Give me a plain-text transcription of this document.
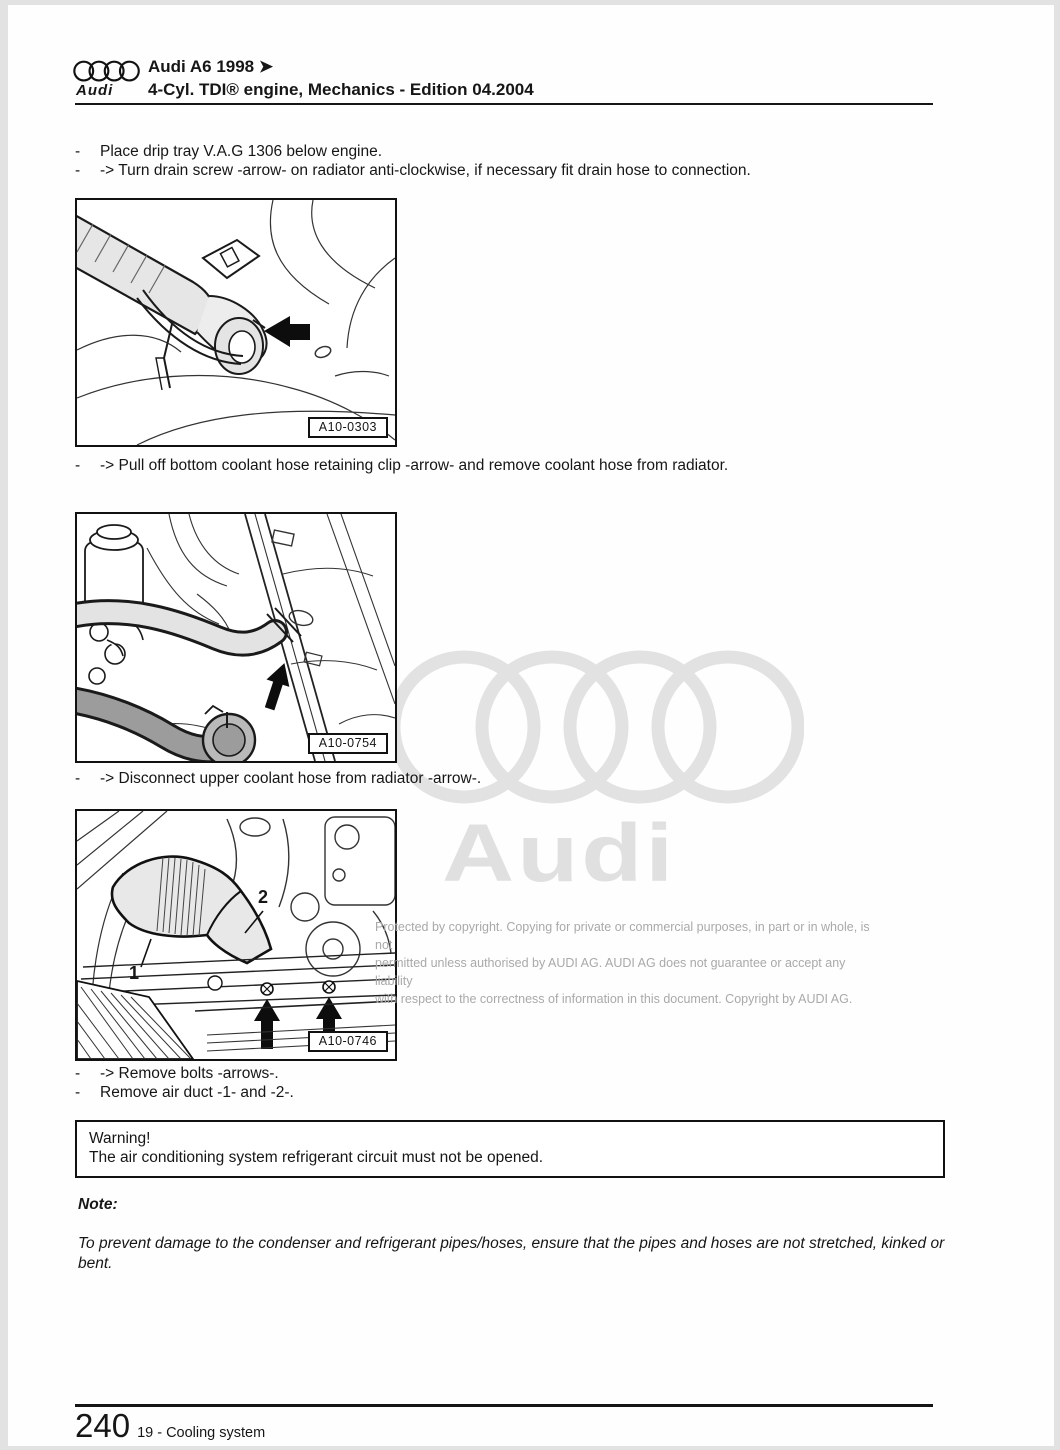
Audi
Protected by copyright. Copying for private or commercial purposes, in part or in whole, is not
permitted unless authorised by AUDI AG. AUDI AG does not guarantee or accept any liability
with respect to the correctness of information in this document. Copyright by AUDI AG.
Audi
Audi A6 1998 ➤
4-Cyl. TDI® engine, Mechanics - Edition 04.2004
-	Place drip tray V.A.G 1306 below engine.
-	-> Turn drain screw -arrow- on radiator anti-clockwise, if necessary fit drain hose to connection.
A10-0303
-	-> Pull off bottom coolant hose retaining clip -arrow- and remove coolant hose from radiator.
A10-0754
-	-> Disconnect upper coolant hose from radiator -arrow-.
2
1
A10-0746
-	-> Remove bolts -arrows-.
-	Remove air duct -1- and -2-.
Warning!
The air conditioning system refrigerant circuit must not be opened.
Note:
To prevent damage to the condenser and refrigerant pipes/hoses, ensure that the pipes and hoses are not stretched, kinked or bent.
240 19 - Cooling system
